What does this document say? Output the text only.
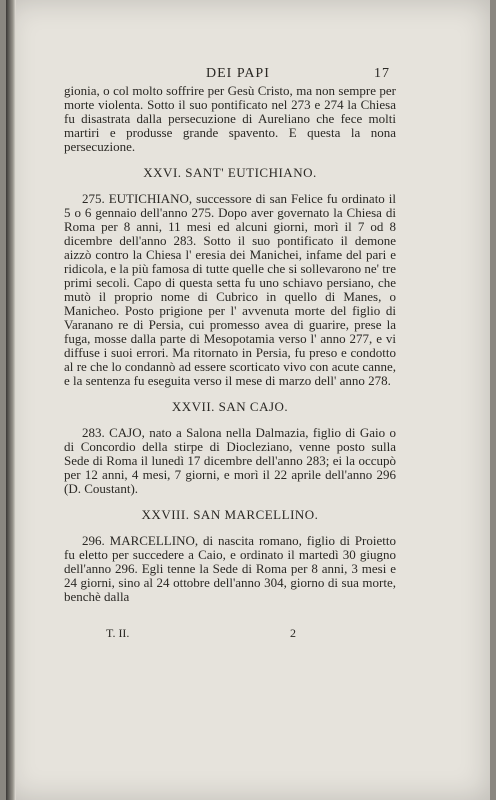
DEI PAPI	17

gionia, o col molto soffrire per Gesù Cristo, ma non sempre per morte violenta. Sotto il suo pontificato nel 273 e 274 la Chiesa fu disastrata dalla persecuzione di Aureliano che fece molti martiri e produsse grande spavento. E questa la nona persecuzione.

XXVI. SANT' EUTICHIANO.

275. EUTICHIANO, successore di san Felice fu ordinato il 5 o 6 gennaio dell'anno 275. Dopo aver governato la Chiesa di Roma per 8 anni, 11 mesi ed alcuni giorni, morì il 7 od 8 dicembre dell'anno 283. Sotto il suo pontificato il demone aizzò contro la Chiesa l' eresia dei Manichei, infame del pari e ridicola, e la più famosa di tutte quelle che si sollevarono ne' tre primi secoli. Capo di questa setta fu uno schiavo persiano, che mutò il proprio nome di Cubrico in quello di Manes, o Manicheo. Posto prigione per l' avvenuta morte del figlio di Varanano re di Persia, cui promesso avea di guarire, prese la fuga, mosse dalla parte di Mesopotamia verso l' anno 277, e vi diffuse i suoi errori. Ma ritornato in Persia, fu preso e condotto al re che lo condannò ad essere scorticato vivo con acute canne, e la sentenza fu eseguita verso il mese di marzo dell' anno 278.

XXVII. SAN CAJO.

283. CAJO, nato a Salona nella Dalmazia, figlio di Gaio o di Concordio della stirpe di Diocleziano, venne posto sulla Sede di Roma il lunedì 17 dicembre dell'anno 283; ei la occupò per 12 anni, 4 mesi, 7 giorni, e morì il 22 aprile dell'anno 296 (D. Coustant).

XXVIII. SAN MARCELLINO.

296. MARCELLINO, di nascita romano, figlio di Proietto fu eletto per succedere a Caio, e ordinato il martedì 30 giugno dell'anno 296. Egli tenne la Sede di Roma per 8 anni, 3 mesi e 24 giorni, sino al 24 ottobre dell'anno 304, giorno di sua morte, benchè dalla

T. II.	2
